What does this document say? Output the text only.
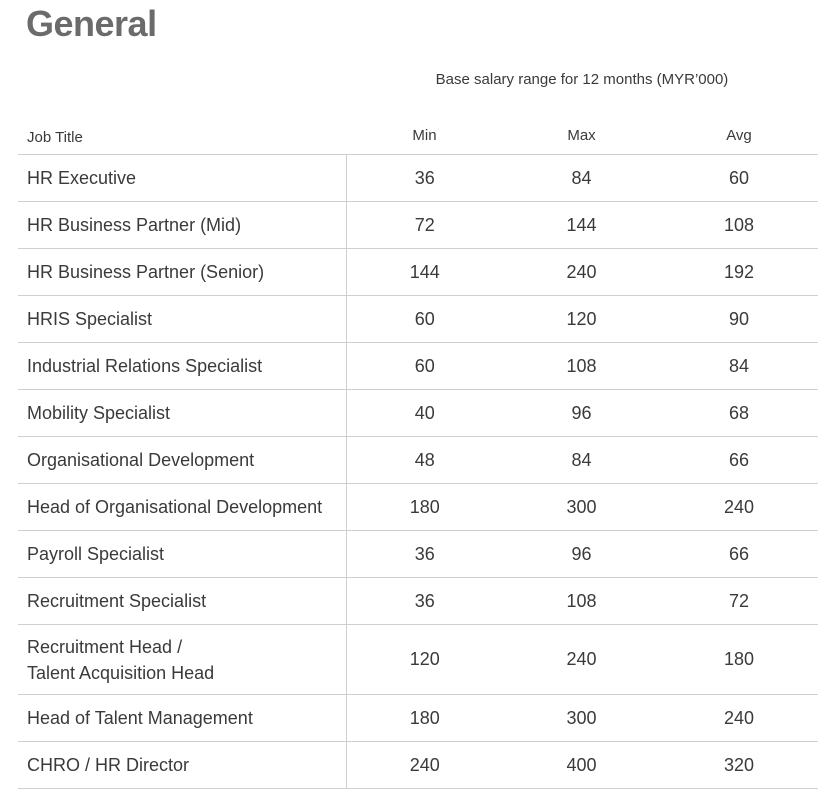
General
Base salary range for 12 months (MYR’000)
Job Title	Min	Max	Avg

HR Executive	36	84	60

HR Business Partner (Mid)	72	144	108

HR Business Partner (Senior)	144	240	192

HRIS Specialist	60	120	90

Industrial Relations Specialist	60	108	84

Mobility Specialist	40	96	68

Organisational Development	48	84	66

Head of Organisational Development	180	300	240

Payroll Specialist	36	96	66

Recruitment Specialist	36	108	72

Recruitment Head /
Talent Acquisition Head	120	240	180

Head of Talent Management	180	300	240

CHRO / HR Director	240	400	320
